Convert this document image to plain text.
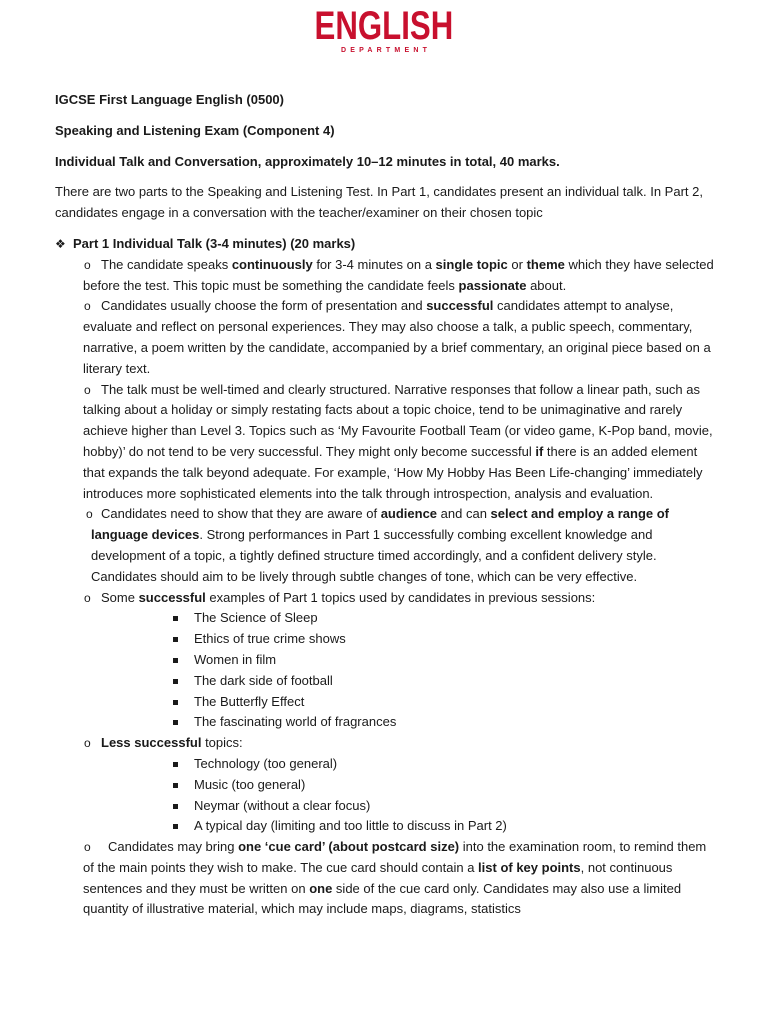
ENGLISH
DEPARTMENT

IGCSE First Language English (0500)

Speaking and Listening Exam (Component 4)

Individual Talk and Conversation, approximately 10–12 minutes in total, 40 marks.

There are two parts to the Speaking and Listening Test. In Part 1, candidates present an individual talk. In Part 2, candidates engage in a conversation with the teacher/examiner on their chosen topic

❖ Part 1 Individual Talk (3-4 minutes) (20 marks)
o The candidate speaks continuously for 3-4 minutes on a single topic or theme which they have selected before the test. This topic must be something the candidate feels passionate about.
o Candidates usually choose the form of presentation and successful candidates attempt to analyse, evaluate and reflect on personal experiences. They may also choose a talk, a public speech, commentary, narrative, a poem written by the candidate, accompanied by a brief commentary, an original piece based on a literary text.
o The talk must be well-timed and clearly structured. Narrative responses that follow a linear path, such as talking about a holiday or simply restating facts about a topic choice, tend to be unimaginative and rarely achieve higher than Level 3. Topics such as ‘My Favourite Football Team (or video game, K-Pop band, movie, hobby)’ do not tend to be very successful. They might only become successful if there is an added element that expands the talk beyond adequate. For example, ‘How My Hobby Has Been Life-changing’ immediately introduces more sophisticated elements into the talk through introspection, analysis and evaluation.
o Candidates need to show that they are aware of audience and can select and employ a range of language devices. Strong performances in Part 1 successfully combing excellent knowledge and development of a topic, a tightly defined structure timed accordingly, and a confident delivery style. Candidates should aim to be lively through subtle changes of tone, which can be very effective.
o Some successful examples of Part 1 topics used by candidates in previous sessions:
The Science of Sleep
Ethics of true crime shows
Women in film
The dark side of football
The Butterfly Effect
The fascinating world of fragrances
o Less successful topics:
Technology (too general)
Music (too general)
Neymar (without a clear focus)
A typical day (limiting and too little to discuss in Part 2)
o	Candidates may bring one ‘cue card’ (about postcard size) into the examination room, to remind them of the main points they wish to make. The cue card should contain a list of key points, not continuous sentences and they must be written on one side of the cue card only. Candidates may also use a limited quantity of illustrative material, which may include maps, diagrams, statistics
